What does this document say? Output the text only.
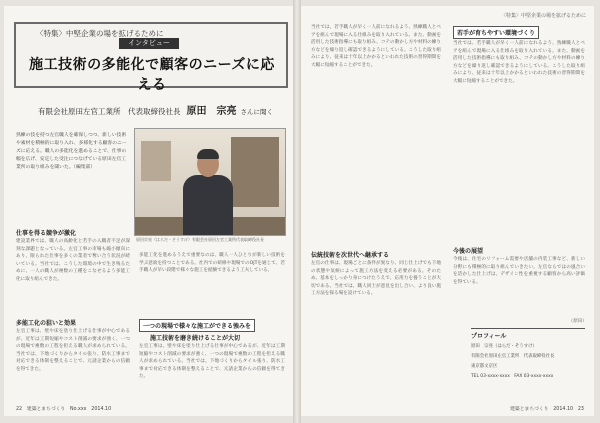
〈特集〉中堅企業の場を拡げるために
インタビュー
施工技術の多能化で顧客のニーズに応える
有限会社原田左官工業所　代表取締役社長 原田　宗亮 さんに聞く
熟練の技を持つ左官職人を確保しつつ、新しい技術や素材を積極的に取り入れ、多様化する顧客のニーズに応える。職人の多能化を進めることで、仕事の幅を広げ、安定した受注につなげている原田左官工業所の取り組みを聞いた。（編集部）
原田宗亮（はらだ・そうすけ）有限会社原田左官工業所代表取締役社長
仕事を得る競争が激化
建設業界では、職人の高齢化と若手の入職者不足が深刻な課題となっている。左官工事の市場も縮小傾向にあり、限られた仕事を多くの業者で奪い合う状況が続いている。当社では、こうした環境の中で生き残るために、一人の職人が複数の工種をこなせるよう多能工化に取り組んできた。
多能工化の狙いと効果
左官工事は、壁や床を塗り仕上げる仕事が中心であるが、近年は工期短縮やコスト削減の要求が強く、一つの現場で複数の工程を担える職人が求められている。当社では、下地づくりからタイル張り、防水工事まで対応できる体制を整えることで、元請企業からの信頼を得てきた。
一つの現場で様々な施工ができる強みを
施工技術を磨き続けることが大切
多能工化を進めるうえで重要なのは、職人一人ひとりが新しい技術を学ぶ意欲を持つことである。社内での研修や現場でのOJTを通じて、若手職人が早い段階で様々な施工を経験できるよう工夫している。
左官工事は、壁や床を塗り仕上げる仕事が中心であるが、近年は工期短縮やコスト削減の要求が強く、一つの現場で複数の工程を担える職人が求められている。当社では、下地づくりからタイル張り、防水工事まで対応できる体制を整えることで、元請企業からの信頼を得てきた。
22　建築とまちづくり　No.xxx　2014.10
〈特集〉中堅企業の場を拡げるために
当社では、若手職人が早く一人前になれるよう、熟練職人とペアを組んで現場に入る仕組みを取り入れている。また、動画を活用した技術指導にも取り組み、コテの動かし方や材料の練り方などを繰り返し確認できるようにしている。こうした取り組みにより、従来は十年以上かかるといわれた技術の習得期間を大幅に短縮することができた。
伝統技術を次世代へ継承する
左官の仕事は、現場ごとに条件が異なり、同じ仕上げでも下地の状態や気候によって施工方法を変える必要がある。そのため、基本をしっかり身につけたうえで、応用力を養うことが大切である。当社では、職人同士が意見を出し合い、より良い施工方法を探る場を設けている。
若手が育ちやすい環境づくり
当社では、若手職人が早く一人前になれるよう、熟練職人とペアを組んで現場に入る仕組みを取り入れている。また、動画を活用した技術指導にも取り組み、コテの動かし方や材料の練り方などを繰り返し確認できるようにしている。こうした取り組みにより、従来は十年以上かかるといわれた技術の習得期間を大幅に短縮することができた。
今後の展望
今後は、住宅のリフォーム需要や店舗の内装工事など、新しい分野にも積極的に取り組んでいきたい。左官ならではの風合いを活かした仕上げは、デザイン性を重視する顧客から高い評価を得ている。
（原田）
プロフィール
原田　宗亮（はらだ・そうすけ）
有限会社原田左官工業所　代表取締役社長
東京都文京区
TEL 03-xxxx-xxxx　FAX 03-xxxx-xxxx
建築とまちづくり　2014.10　23
